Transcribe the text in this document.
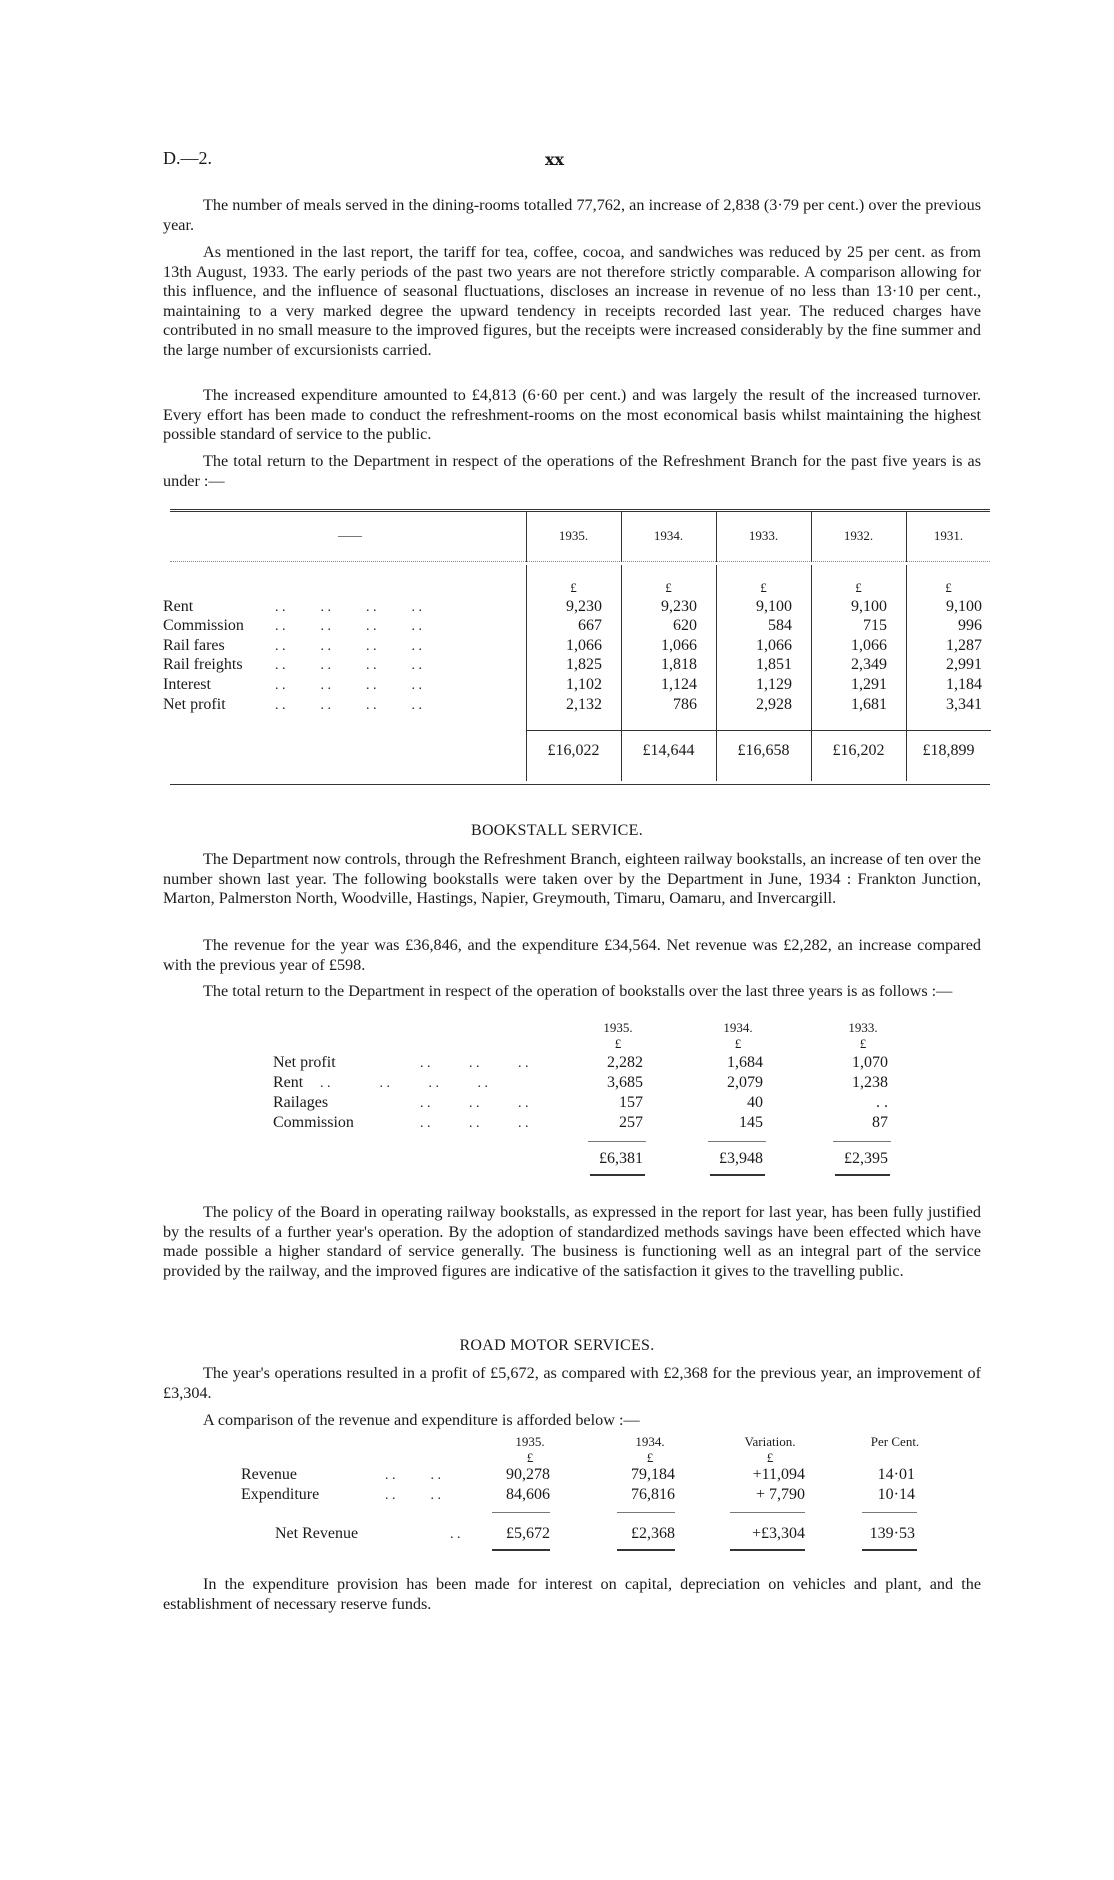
D.—2.	xx
The number of meals served in the dining-rooms totalled 77,762, an increase of 2,838 (3·79 per cent.) over the previous year.
As mentioned in the last report, the tariff for tea, coffee, cocoa, and sandwiches was reduced by 25 per cent. as from 13th August, 1933. The early periods of the past two years are not therefore strictly comparable. A comparison allowing for this influence, and the influence of seasonal fluctuations, discloses an increase in revenue of no less than 13·10 per cent., maintaining to a very marked degree the upward tendency in receipts recorded last year. The reduced charges have contributed in no small measure to the improved figures, but the receipts were increased considerably by the fine summer and the large number of excursionists carried.
The increased expenditure amounted to £4,813 (6·60 per cent.) and was largely the result of the increased turnover. Every effort has been made to conduct the refreshment-rooms on the most economical basis whilst maintaining the highest possible standard of service to the public.
The total return to the Department in respect of the operations of the Refreshment Branch for the past five years is as under :—
——	1935.	1934.	1933.	1932.	1931.
£	£	£	£	£
Rent	. .          . .          . .          . .	9,230	9,230	9,100	9,100	9,100
Commission . .          . .          . .          . .	667	620	584	715	996
Rail fares	. .          . .          . .          . .	1,066	1,066	1,066	1,066	1,287
Rail freights . .          . .          . .          . .	1,825	1,818	1,851	2,349	2,991
Interest	. .          . .          . .          . .	1,102	1,124	1,129	1,291	1,184
Net profit	. .          . .          . .          . .	2,132	786	2,928	1,681	3,341
£16,022	£14,644	£16,658	£16,202	£18,899
BOOKSTALL SERVICE.
The Department now controls, through the Refreshment Branch, eighteen railway bookstalls, an increase of ten over the number shown last year. The following bookstalls were taken over by the Department in June, 1934 : Frankton Junction, Marton, Palmerston North, Woodville, Hastings, Napier, Greymouth, Timaru, Oamaru, and Invercargill.
The revenue for the year was £36,846, and the expenditure £34,564. Net revenue was £2,282, an increase compared with the previous year of £598.
The total return to the Department in respect of the operation of bookstalls over the last three years is as follows :—
1935.	1934.	1933.
£	£	£
Net profit	. .           . .           . .	2,282	1,684	1,070
Rent . .              . .           . .           . .	3,685	2,079	1,238
Railages	. .           . .           . .	157	40	. .
Commission	. .           . .           . .	257	145	87
£6,381	£3,948	£2,395
The policy of the Board in operating railway bookstalls, as expressed in the report for last year, has been fully justified by the results of a further year's operation. By the adoption of standardized methods savings have been effected which have made possible a higher standard of service generally. The business is functioning well as an integral part of the service provided by the railway, and the improved figures are indicative of the satisfaction it gives to the travelling public.
ROAD MOTOR SERVICES.
The year's operations resulted in a profit of £5,672, as compared with £2,368 for the previous year, an improvement of £3,304.
A comparison of the revenue and expenditure is afforded below :—
1935.	1934.	Variation.	Per Cent.
£	£	£
Revenue	. .          . .	90,278	79,184	+11,094	14·01
Expenditure	. .          . .	84,606	76,816	+ 7,790	10·14
Net Revenue	. .	£5,672	£2,368	+£3,304	139·53
In the expenditure provision has been made for interest on capital, depreciation on vehicles and plant, and the establishment of necessary reserve funds.
